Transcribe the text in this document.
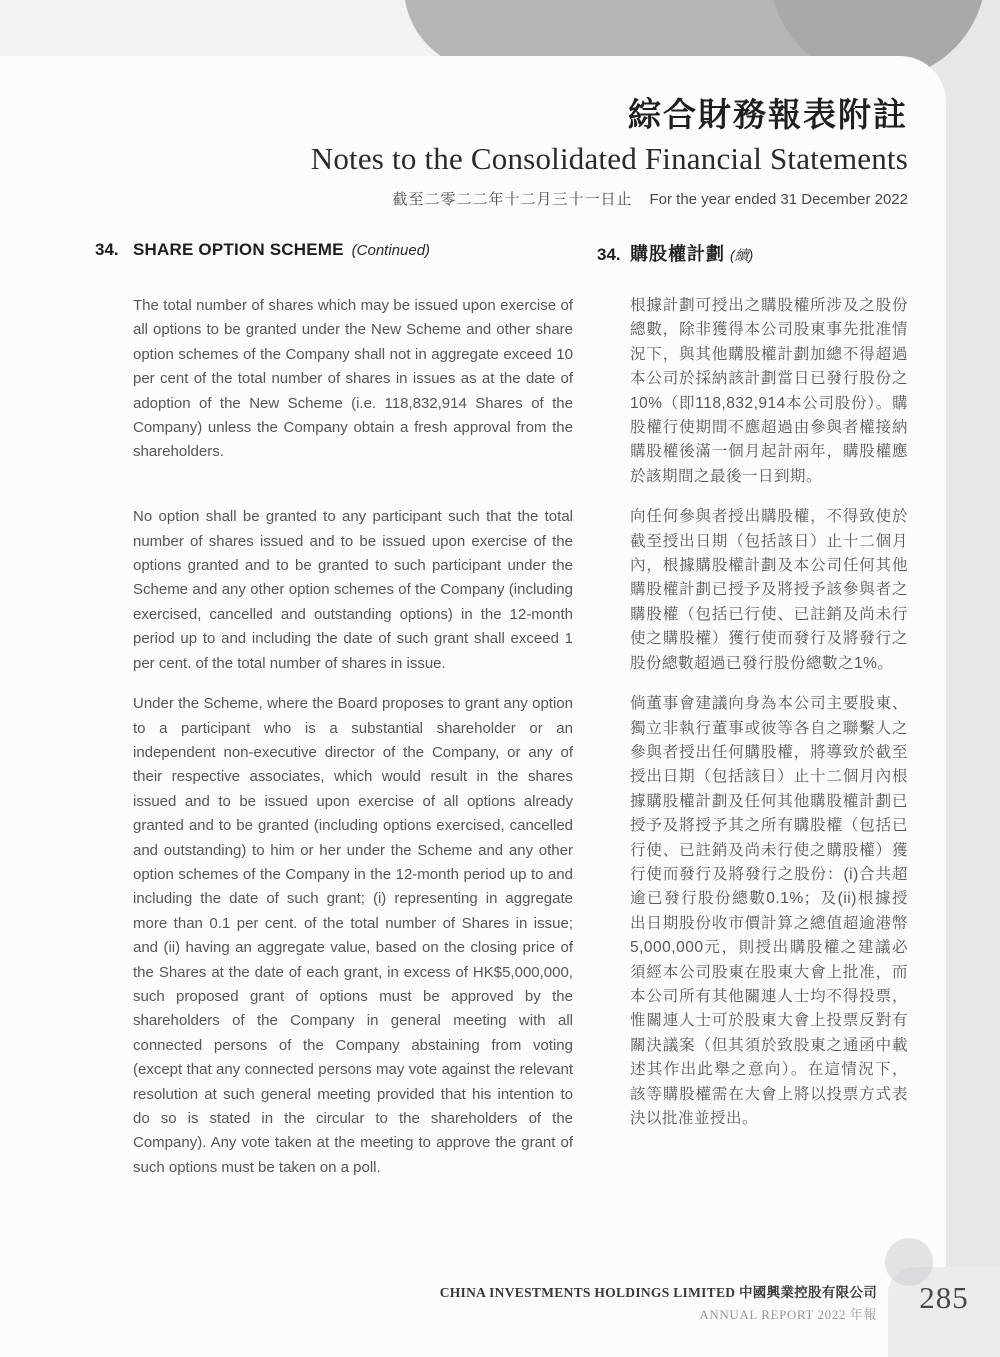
綜合財務報表附註
Notes to the Consolidated Financial Statements
截至二零二二年十二月三十一日止 For the year ended 31 December 2022
34. SHARE OPTION SCHEME (Continued)	34. 購股權計劃 (續)

The total number of shares which may be issued upon exercise of all options to be granted under the New Scheme and other share option schemes of the Company shall not in aggregate exceed 10 per cent of the total number of shares in issues as at the date of adoption of the New Scheme (i.e. 118,832,914 Shares of the Company) unless the Company obtain a fresh approval from the shareholders.

根據計劃可授出之購股權所涉及之股份總數，除非獲得本公司股東事先批准情況下，與其他購股權計劃加總不得超過本公司於採納該計劃當日已發行股份之10%（即118,832,914本公司股份）。購股權行使期間不應超過由參與者權接納購股權後滿一個月起計兩年，購股權應於該期間之最後一日到期。

No option shall be granted to any participant such that the total number of shares issued and to be issued upon exercise of the options granted and to be granted to such participant under the Scheme and any other option schemes of the Company (including exercised, cancelled and outstanding options) in the 12-month period up to and including the date of such grant shall exceed 1 per cent. of the total number of shares in issue.

向任何參與者授出購股權，不得致使於截至授出日期（包括該日）止十二個月內，根據購股權計劃及本公司任何其他購股權計劃已授予及將授予該參與者之購股權（包括已行使、已註銷及尚未行使之購股權）獲行使而發行及將發行之股份總數超過已發行股份總數之1%。

Under the Scheme, where the Board proposes to grant any option to a participant who is a substantial shareholder or an independent non-executive director of the Company, or any of their respective associates, which would result in the shares issued and to be issued upon exercise of all options already granted and to be granted (including options exercised, cancelled and outstanding) to him or her under the Scheme and any other option schemes of the Company in the 12-month period up to and including the date of such grant; (i) representing in aggregate more than 0.1 per cent. of the total number of Shares in issue; and (ii) having an aggregate value, based on the closing price of the Shares at the date of each grant, in excess of HK$5,000,000, such proposed grant of options must be approved by the shareholders of the Company in general meeting with all connected persons of the Company abstaining from voting (except that any connected persons may vote against the relevant resolution at such general meeting provided that his intention to do so is stated in the circular to the shareholders of the Company). Any vote taken at the meeting to approve the grant of such options must be taken on a poll.

倘董事會建議向身為本公司主要股東、獨立非執行董事或彼等各自之聯繫人之參與者授出任何購股權，將導致於截至授出日期（包括該日）止十二個月內根據購股權計劃及任何其他購股權計劃已授予及將授予其之所有購股權（包括已行使、已註銷及尚未行使之購股權）獲行使而發行及將發行之股份：(i)合共超逾已發行股份總數0.1%；及(ii)根據授出日期股份收市價計算之總值超逾港幣5,000,000元，則授出購股權之建議必須經本公司股東在股東大會上批准，而本公司所有其他關連人士均不得投票，惟關連人士可於股東大會上投票反對有關決議案（但其須於致股東之通函中載述其作出此舉之意向）。在這情況下，該等購股權需在大會上將以投票方式表決以批准並授出。

CHINA INVESTMENTS HOLDINGS LIMITED 中國興業控股有限公司
ANNUAL REPORT 2022 年報	285
